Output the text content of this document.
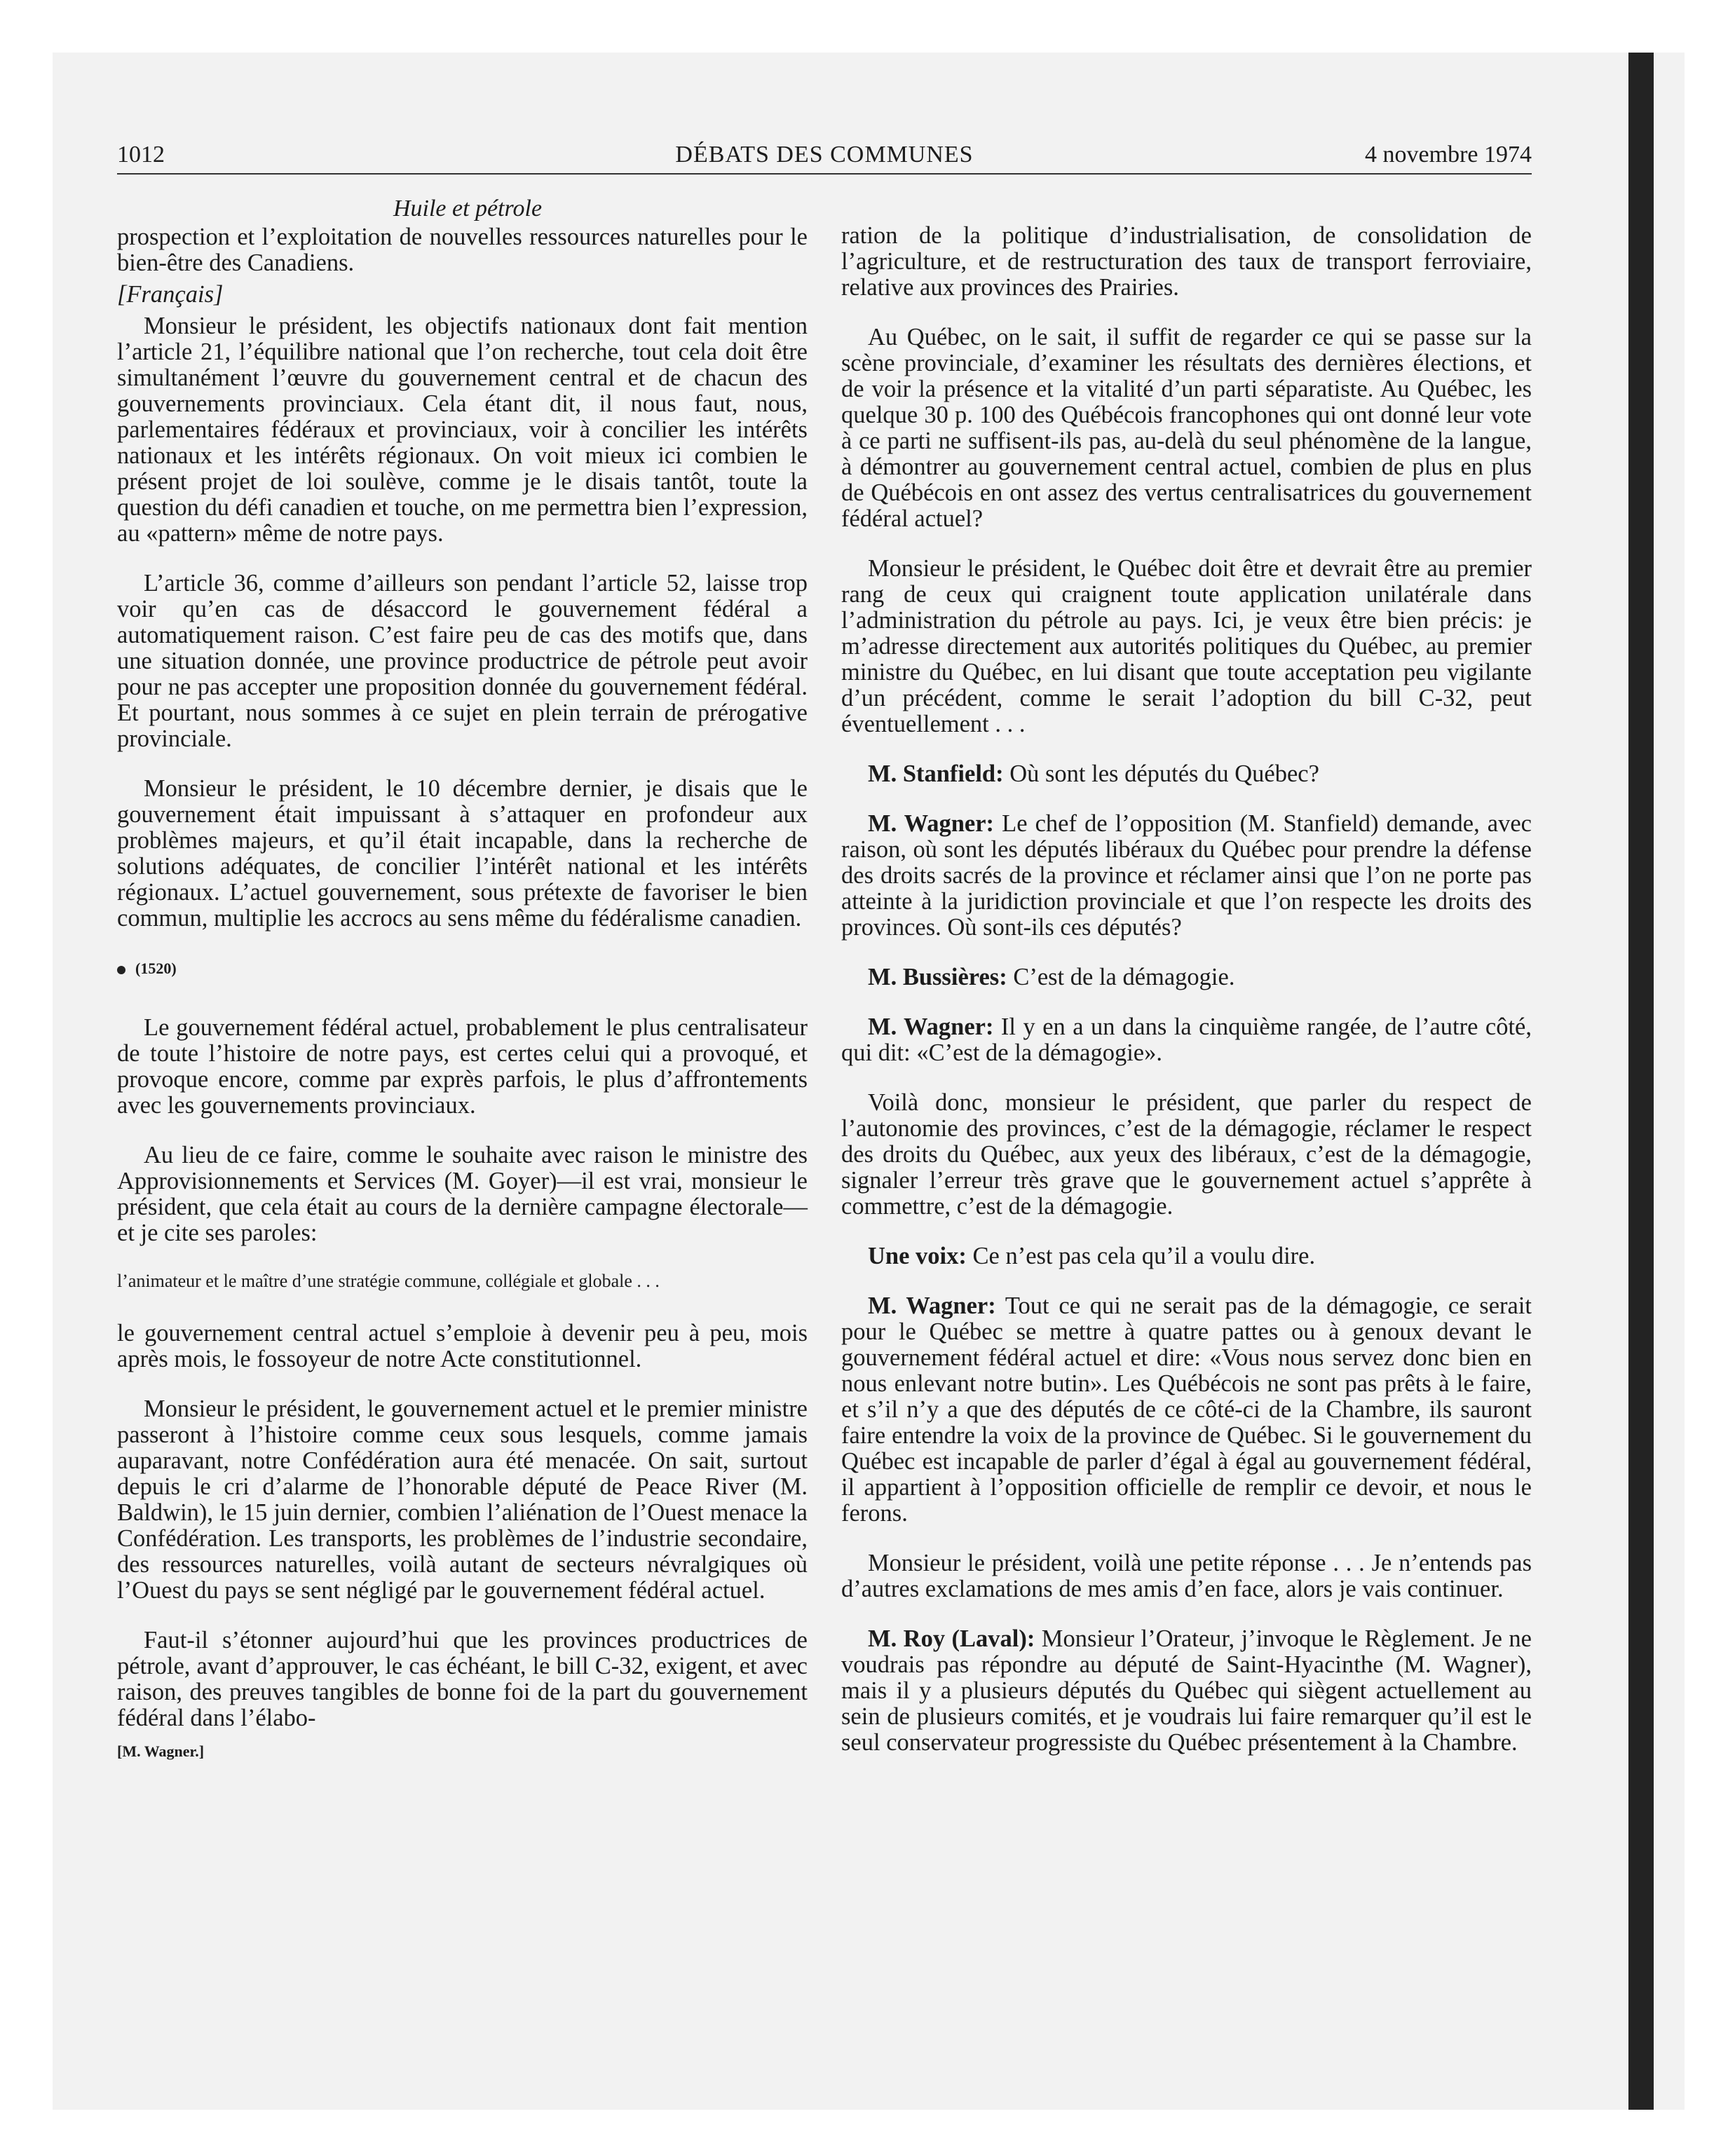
1012	DÉBATS DES COMMUNES	4 novembre 1974
Huile et pétrole

prospection et l’exploitation de nouvelles ressources naturelles pour le bien-être des Canadiens.

[Français]

Monsieur le président, les objectifs nationaux dont fait mention l’article 21, l’équilibre national que l’on recherche, tout cela doit être simultanément l’œuvre du gouvernement central et de chacun des gouvernements provinciaux. Cela étant dit, il nous faut, nous, parlementaires fédéraux et provinciaux, voir à concilier les intérêts nationaux et les intérêts régionaux. On voit mieux ici combien le présent projet de loi soulève, comme je le disais tantôt, toute la question du défi canadien et touche, on me permettra bien l’expression, au «pattern» même de notre pays.

L’article 36, comme d’ailleurs son pendant l’article 52, laisse trop voir qu’en cas de désaccord le gouvernement fédéral a automatiquement raison. C’est faire peu de cas des motifs que, dans une situation donnée, une province productrice de pétrole peut avoir pour ne pas accepter une proposition donnée du gouvernement fédéral. Et pourtant, nous sommes à ce sujet en plein terrain de prérogative provinciale.

Monsieur le président, le 10 décembre dernier, je disais que le gouvernement était impuissant à s’attaquer en profondeur aux problèmes majeurs, et qu’il était incapable, dans la recherche de solutions adéquates, de concilier l’intérêt national et les intérêts régionaux. L’actuel gouvernement, sous prétexte de favoriser le bien commun, multiplie les accrocs au sens même du fédéralisme canadien.

(1520)

Le gouvernement fédéral actuel, probablement le plus centralisateur de toute l’histoire de notre pays, est certes celui qui a provoqué, et provoque encore, comme par exprès parfois, le plus d’affrontements avec les gouvernements provinciaux.

Au lieu de ce faire, comme le souhaite avec raison le ministre des Approvisionnements et Services (M. Goyer)—il est vrai, monsieur le président, que cela était au cours de la dernière campagne électorale—et je cite ses paroles:

l’animateur et le maître d’une stratégie commune, collégiale et globale . . .

le gouvernement central actuel s’emploie à devenir peu à peu, mois après mois, le fossoyeur de notre Acte constitutionnel.

Monsieur le président, le gouvernement actuel et le premier ministre passeront à l’histoire comme ceux sous lesquels, comme jamais auparavant, notre Confédération aura été menacée. On sait, surtout depuis le cri d’alarme de l’honorable député de Peace River (M. Baldwin), le 15 juin dernier, combien l’aliénation de l’Ouest menace la Confédération. Les transports, les problèmes de l’industrie secondaire, des ressources naturelles, voilà autant de secteurs névralgiques où l’Ouest du pays se sent négligé par le gouvernement fédéral actuel.

Faut-il s’étonner aujourd’hui que les provinces productrices de pétrole, avant d’approuver, le cas échéant, le bill C-32, exigent, et avec raison, des preuves tangibles de bonne foi de la part du gouvernement fédéral dans l’élabo-

[M. Wagner.]

ration de la politique d’industrialisation, de consolidation de l’agriculture, et de restructuration des taux de transport ferroviaire, relative aux provinces des Prairies.

Au Québec, on le sait, il suffit de regarder ce qui se passe sur la scène provinciale, d’examiner les résultats des dernières élections, et de voir la présence et la vitalité d’un parti séparatiste. Au Québec, les quelque 30 p. 100 des Québécois francophones qui ont donné leur vote à ce parti ne suffisent-ils pas, au-delà du seul phénomène de la langue, à démontrer au gouvernement central actuel, combien de plus en plus de Québécois en ont assez des vertus centralisatrices du gouvernement fédéral actuel?

Monsieur le président, le Québec doit être et devrait être au premier rang de ceux qui craignent toute application unilatérale dans l’administration du pétrole au pays. Ici, je veux être bien précis: je m’adresse directement aux autorités politiques du Québec, au premier ministre du Québec, en lui disant que toute acceptation peu vigilante d’un précédent, comme le serait l’adoption du bill C-32, peut éventuellement . . .

M. Stanfield: Où sont les députés du Québec?

M. Wagner: Le chef de l’opposition (M. Stanfield) demande, avec raison, où sont les députés libéraux du Québec pour prendre la défense des droits sacrés de la province et réclamer ainsi que l’on ne porte pas atteinte à la juridiction provinciale et que l’on respecte les droits des provinces. Où sont-ils ces députés?

M. Bussières: C’est de la démagogie.

M. Wagner: Il y en a un dans la cinquième rangée, de l’autre côté, qui dit: «C’est de la démagogie».

Voilà donc, monsieur le président, que parler du respect de l’autonomie des provinces, c’est de la démagogie, réclamer le respect des droits du Québec, aux yeux des libéraux, c’est de la démagogie, signaler l’erreur très grave que le gouvernement actuel s’apprête à commettre, c’est de la démagogie.

Une voix: Ce n’est pas cela qu’il a voulu dire.

M. Wagner: Tout ce qui ne serait pas de la démagogie, ce serait pour le Québec se mettre à quatre pattes ou à genoux devant le gouvernement fédéral actuel et dire: «Vous nous servez donc bien en nous enlevant notre butin». Les Québécois ne sont pas prêts à le faire, et s’il n’y a que des députés de ce côté-ci de la Chambre, ils sauront faire entendre la voix de la province de Québec. Si le gouvernement du Québec est incapable de parler d’égal à égal au gouvernement fédéral, il appartient à l’opposition officielle de remplir ce devoir, et nous le ferons.

Monsieur le président, voilà une petite réponse . . . Je n’entends pas d’autres exclamations de mes amis d’en face, alors je vais continuer.

M. Roy (Laval): Monsieur l’Orateur, j’invoque le Règlement. Je ne voudrais pas répondre au député de Saint-Hyacinthe (M. Wagner), mais il y a plusieurs députés du Québec qui siègent actuellement au sein de plusieurs comités, et je voudrais lui faire remarquer qu’il est le seul conservateur progressiste du Québec présentement à la Chambre.
